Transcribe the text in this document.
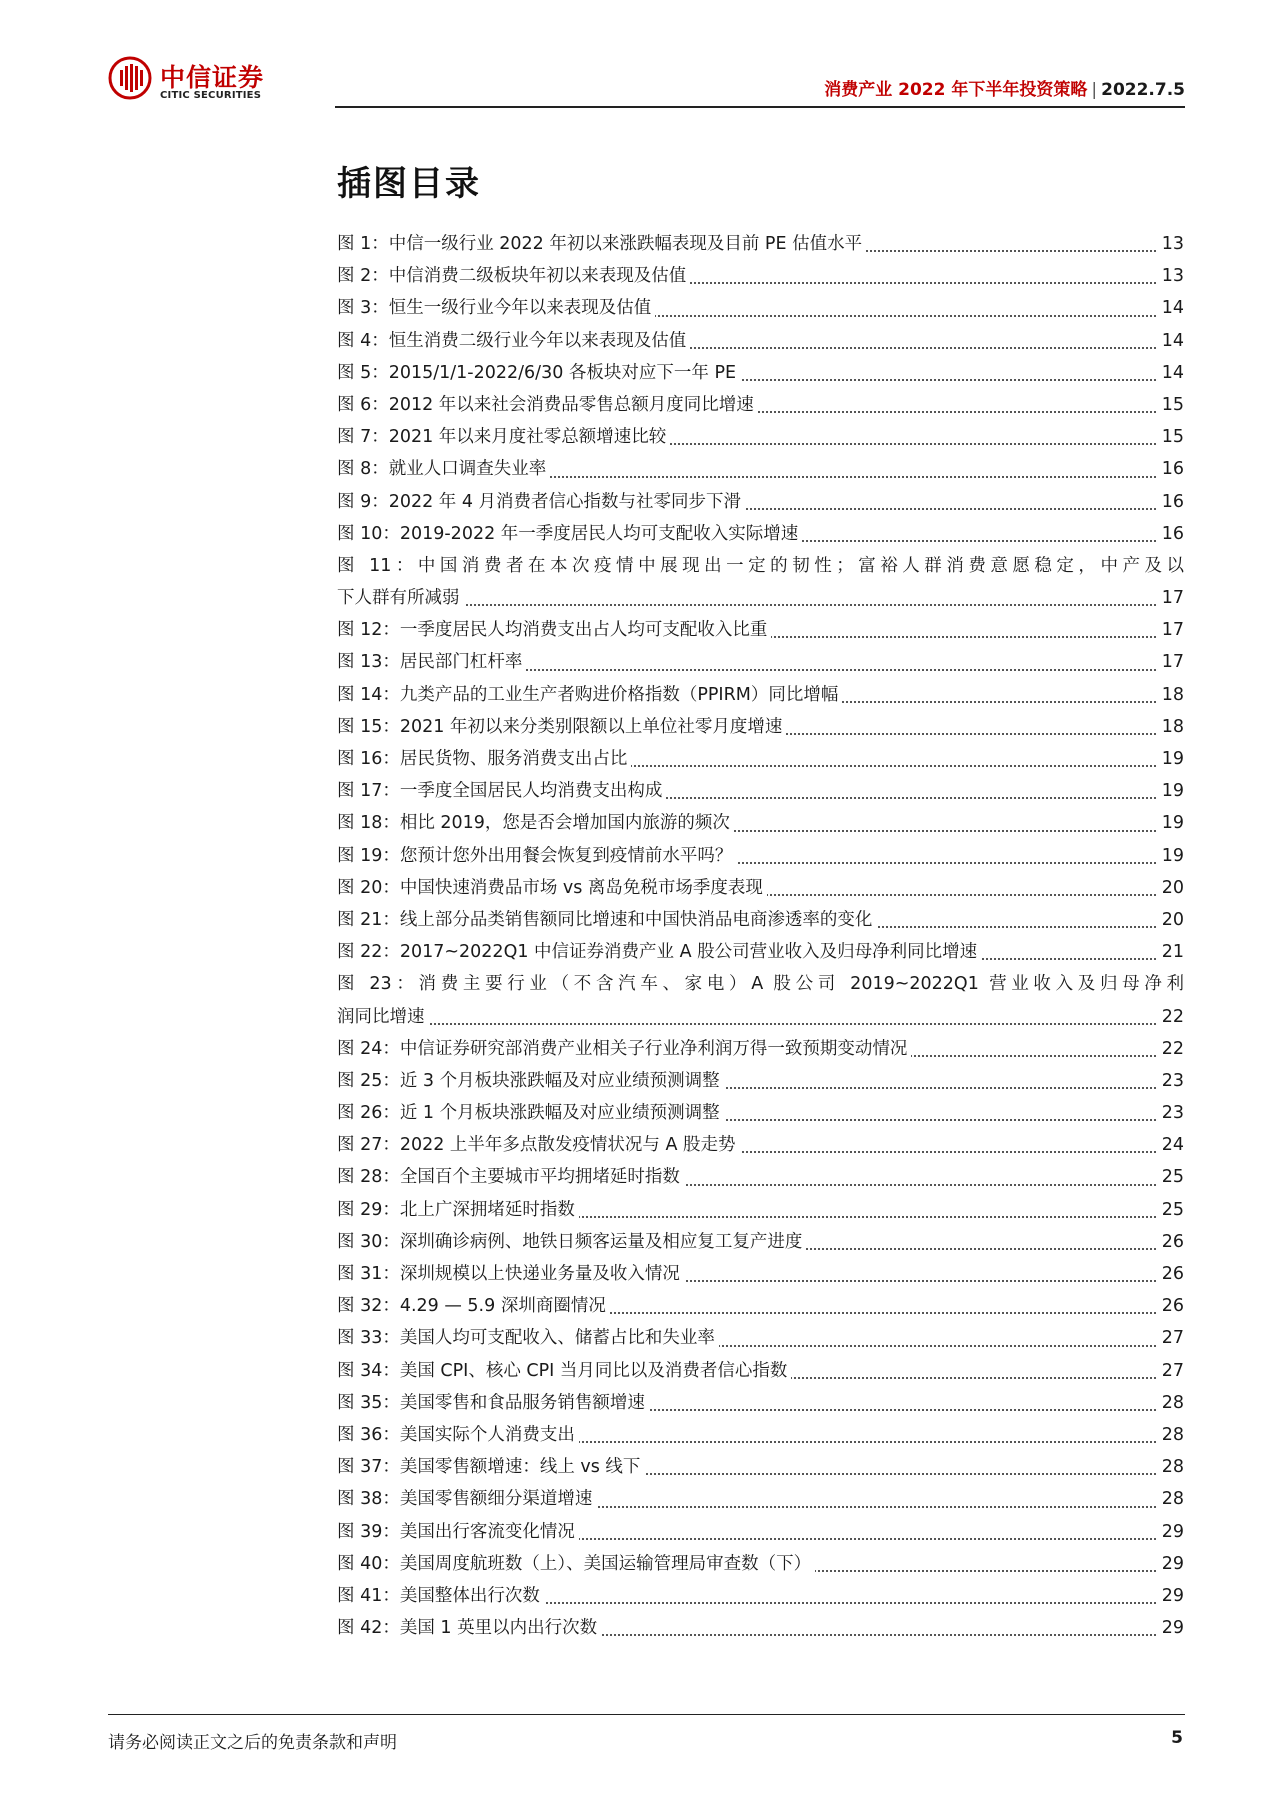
中信证券
CITIC SECURITIES	消费产业 2022 年下半年投资策略 | 2022.7.5
插图目录
图 1：中信一级行业 2022 年初以来涨跌幅表现及目前 PE 估值水平	13
图 2：中信消费二级板块年初以来表现及估值	13
图 3：恒生一级行业今年以来表现及估值	14
图 4：恒生消费二级行业今年以来表现及估值	14
图 5：2015/1/1-2022/6/30 各板块对应下一年 PE	14
图 6：2012 年以来社会消费品零售总额月度同比增速	15
图 7：2021 年以来月度社零总额增速比较	15
图 8：就业人口调查失业率	16
图 9：2022 年 4 月消费者信心指数与社零同步下滑	16
图 10：2019-2022 年一季度居民人均可支配收入实际增速	16
图 11：中国消费者在本次疫情中展现出一定的韧性；富裕人群消费意愿稳定，中产及以
下人群有所减弱	17
图 12：一季度居民人均消费支出占人均可支配收入比重	17
图 13：居民部门杠杆率	17
图 14：九类产品的工业生产者购进价格指数（PPIRM）同比增幅	18
图 15：2021 年初以来分类别限额以上单位社零月度增速	18
图 16：居民货物、服务消费支出占比	19
图 17：一季度全国居民人均消费支出构成	19
图 18：相比 2019，您是否会增加国内旅游的频次	19
图 19：您预计您外出用餐会恢复到疫情前水平吗？	19
图 20：中国快速消费品市场 vs 离岛免税市场季度表现	20
图 21：线上部分品类销售额同比增速和中国快消品电商渗透率的变化	20
图 22：2017~2022Q1 中信证券消费产业 A 股公司营业收入及归母净利同比增速	21
图 23：消费主要行业（不含汽车、家电）A 股公司 2019~2022Q1 营业收入及归母净利
润同比增速	22
图 24：中信证券研究部消费产业相关子行业净利润万得一致预期变动情况	22
图 25：近 3 个月板块涨跌幅及对应业绩预测调整	23
图 26：近 1 个月板块涨跌幅及对应业绩预测调整	23
图 27：2022 上半年多点散发疫情状况与 A 股走势	24
图 28：全国百个主要城市平均拥堵延时指数	25
图 29：北上广深拥堵延时指数	25
图 30：深圳确诊病例、地铁日频客运量及相应复工复产进度	26
图 31：深圳规模以上快递业务量及收入情况	26
图 32：4.29 — 5.9 深圳商圈情况	26
图 33：美国人均可支配收入、储蓄占比和失业率	27
图 34：美国 CPI、核心 CPI 当月同比以及消费者信心指数	27
图 35：美国零售和食品服务销售额增速	28
图 36：美国实际个人消费支出	28
图 37：美国零售额增速：线上 vs 线下	28
图 38：美国零售额细分渠道增速	28
图 39：美国出行客流变化情况	29
图 40：美国周度航班数（上）、美国运输管理局审查数（下）	29
图 41：美国整体出行次数	29
图 42：美国 1 英里以内出行次数	29
请务必阅读正文之后的免责条款和声明	5
